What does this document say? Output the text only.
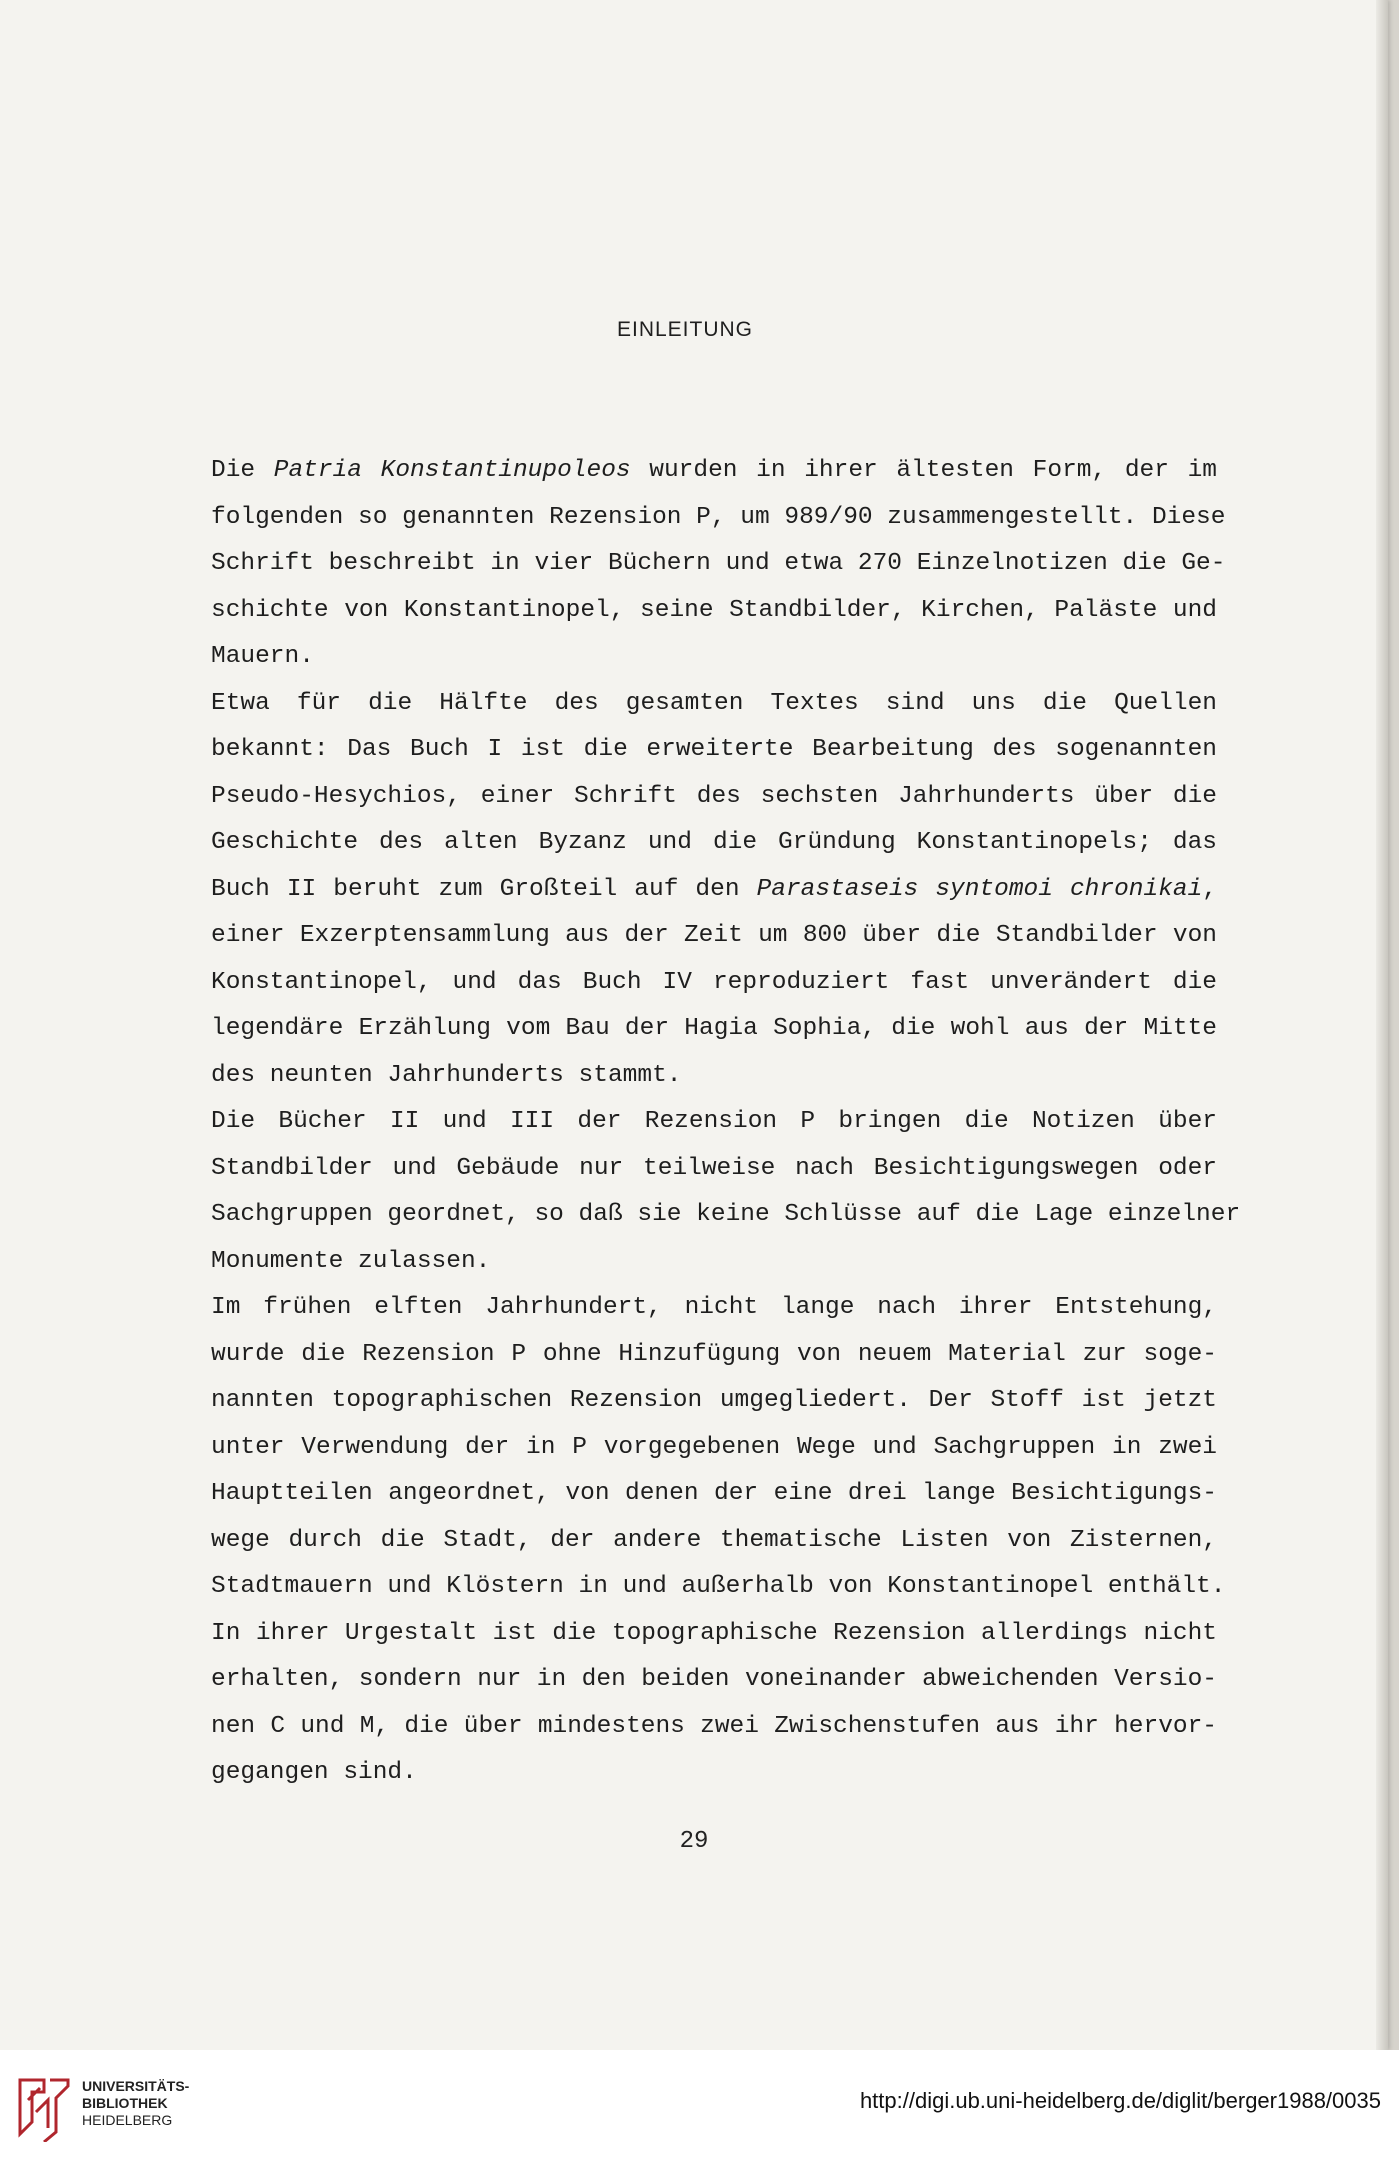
EINLEITUNG
Die Patria Konstantinupoleos wurden in ihrer ältesten Form, der im
folgenden so genannten Rezension P, um 989/90 zusammengestellt. Diese
Schrift beschreibt in vier Büchern und etwa 270 Einzelnotizen die Ge-
schichte von Konstantinopel, seine Standbilder, Kirchen, Paläste und
Mauern.
Etwa für die Hälfte des gesamten Textes sind uns die Quellen
bekannt: Das Buch I ist die erweiterte Bearbeitung des sogenannten
Pseudo-Hesychios, einer Schrift des sechsten Jahrhunderts über die
Geschichte des alten Byzanz und die Gründung Konstantinopels; das
Buch II beruht zum Großteil auf den Parastaseis syntomoi chronikai,
einer Exzerptensammlung aus der Zeit um 800 über die Standbilder von
Konstantinopel, und das Buch IV reproduziert fast unverändert die
legendäre Erzählung vom Bau der Hagia Sophia, die wohl aus der Mitte
des neunten Jahrhunderts stammt.
Die Bücher II und III der Rezension P bringen die Notizen über
Standbilder und Gebäude nur teilweise nach Besichtigungswegen oder
Sachgruppen geordnet, so daß sie keine Schlüsse auf die Lage einzelner
Monumente zulassen.
Im frühen elften Jahrhundert, nicht lange nach ihrer Entstehung,
wurde die Rezension P ohne Hinzufügung von neuem Material zur soge-
nannten topographischen Rezension umgegliedert. Der Stoff ist jetzt
unter Verwendung der in P vorgegebenen Wege und Sachgruppen in zwei
Hauptteilen angeordnet, von denen der eine drei lange Besichtigungs-
wege durch die Stadt, der andere thematische Listen von Zisternen,
Stadtmauern und Klöstern in und außerhalb von Konstantinopel enthält.
In ihrer Urgestalt ist die topographische Rezension allerdings nicht
erhalten, sondern nur in den beiden voneinander abweichenden Versio-
nen C und M, die über mindestens zwei Zwischenstufen aus ihr hervor-
gegangen sind.
29
UNIVERSITÄTS-
BIBLIOTHEK
HEIDELBERG
http://digi.ub.uni-heidelberg.de/diglit/berger1988/0035
